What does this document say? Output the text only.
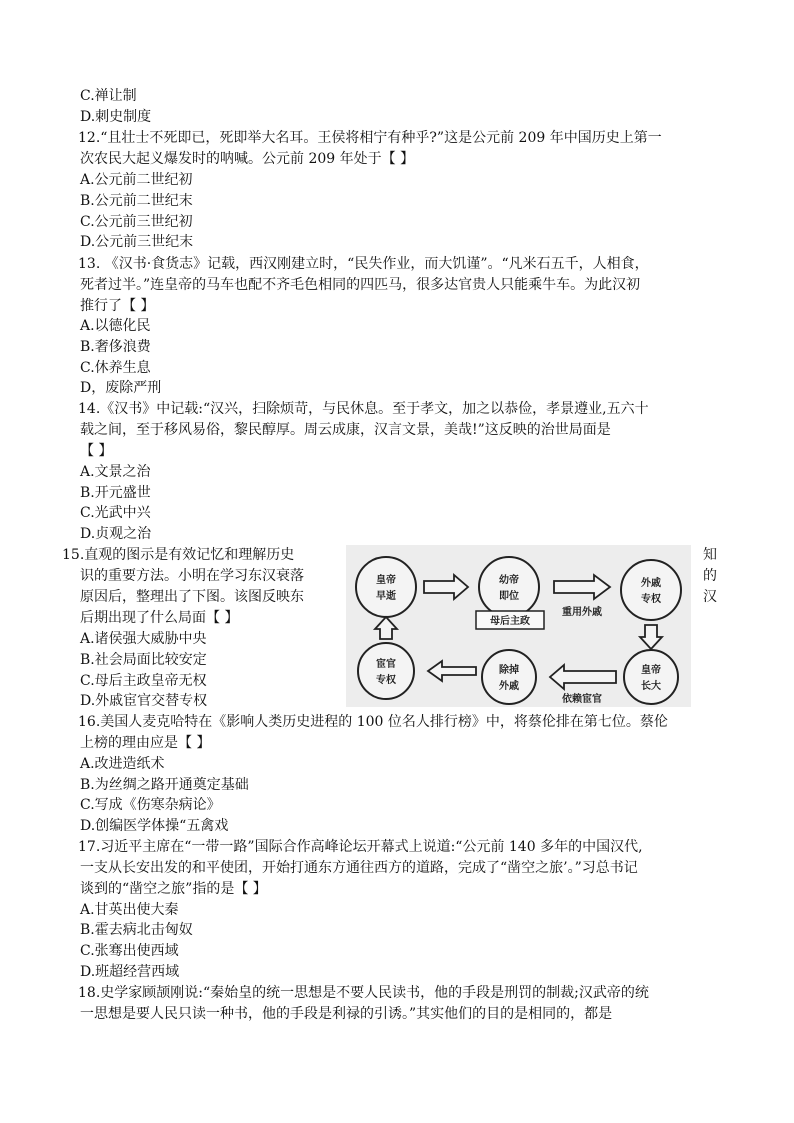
C.禅让制
D.刺史制度
12.“且壮士不死即已，死即举大名耳。王侯将相宁有种乎?”这是公元前 209 年中国历史上第一
次农民大起义爆发时的呐喊。公元前 209 年处于【 】
A.公元前二世纪初
B.公元前二世纪末
C.公元前三世纪初
D.公元前三世纪末
13. 《汉书·食货志》记载，西汉刚建立时，“民失作业，而大饥谨”。“凡米石五千，人相食，
死者过半。”连皇帝的马车也配不齐毛色相同的四匹马，很多达官贵人只能乘牛车。为此汉初
推行了【 】
A.以德化民
B.奢侈浪费
C.休养生息
D，废除严刑
14.《汉书》中记载:“汉兴，扫除烦苛，与民休息。至于孝文，加之以恭俭，孝景遵业,五六十
载之间，至于移风易俗，黎民醇厚。周云成康，汉言文景，美哉!”这反映的治世局面是
【 】
A.文景之治
B.开元盛世
C.光武中兴
D.贞观之治
15.直观的图示是有效记忆和理解历史
识的重要方法。小明在学习东汉衰落
原因后，整理出了下图。该图反映东
后期出现了什么局面【 】
A.诸侯强大威胁中央
B.社会局面比较安定
C.母后主政皇帝无权
D.外戚宦官交替专权
知
的
汉
皇帝
早逝
幼帝
即位
外戚
专权
皇帝
长大
除掉
外戚
宦官
专权
母后主政
重用外戚
依赖宦官
16.美国人麦克哈特在《影响人类历史进程的 100 位名人排行榜》中，将蔡伦排在第七位。蔡伦
上榜的理由应是【 】
A.改进造纸术
B.为丝绸之路开通奠定基础
C.写成《伤寒杂病论》
D.创编医学体操“五禽戏
17.习近平主席在“一带一路”国际合作高峰论坛开幕式上说道:“公元前 140 多年的中国汉代,
一支从长安出发的和平使团，开始打通东方通往西方的道路，完成了“凿空之旅’。”习总书记
谈到的“凿空之旅”指的是【 】
A.甘英出使大秦
B.霍去病北击匈奴
C.张骞出使西域
D.班超经营西域
18.史学家顾颉刚说:“秦始皇的统一思想是不要人民读书，他的手段是刑罚的制裁;汉武帝的统
一思想是要人民只读一种书，他的手段是利禄的引诱。”其实他们的目的是相同的，都是
